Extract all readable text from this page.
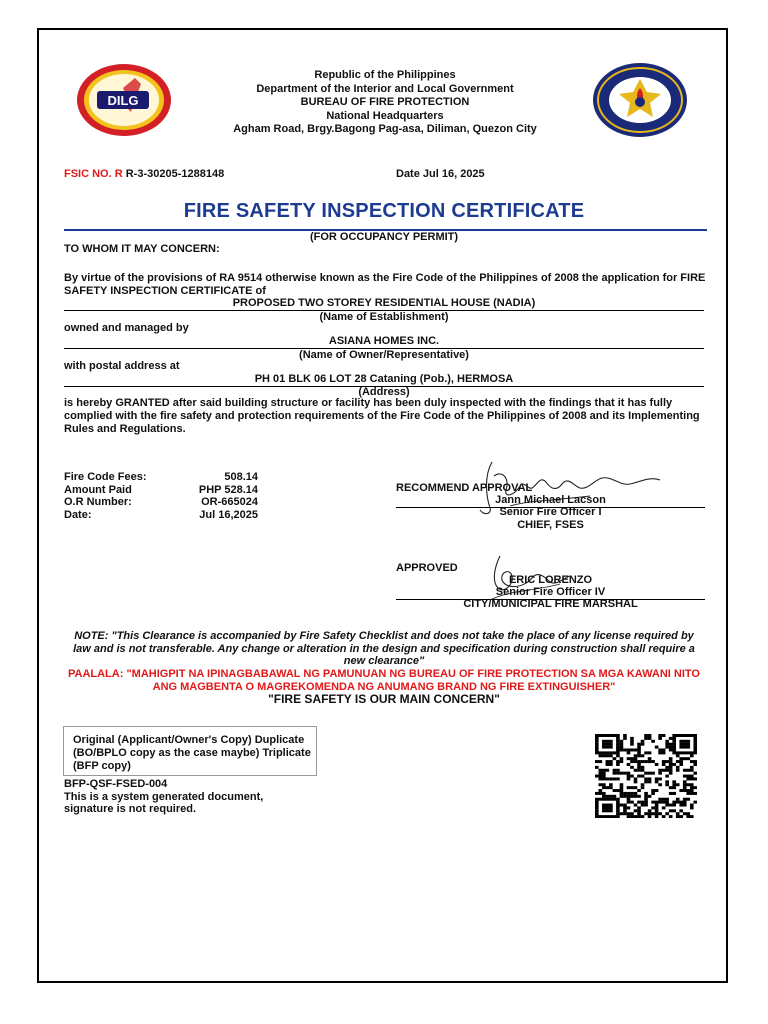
DILG
Republic of the Philippines
Department of the Interior and Local Government
BUREAU OF FIRE PROTECTION
National Headquarters
Agham Road, Brgy.Bagong Pag-asa, Diliman, Quezon City
FSIC NO. R R-3-30205-1288148	Date Jul 16, 2025
FIRE SAFETY INSPECTION CERTIFICATE
(FOR OCCUPANCY PERMIT)
TO WHOM IT MAY CONCERN:
By virtue of the provisions of RA 9514 otherwise known as the Fire Code of the Philippines of 2008 the application for FIRE SAFETY INSPECTION CERTIFICATE of
PROPOSED TWO STOREY RESIDENTIAL HOUSE (NADIA)
(Name of Establishment)
owned and managed by
ASIANA HOMES INC.
(Name of Owner/Representative)
with postal address at
PH 01 BLK 06 LOT 28 Cataning (Pob.), HERMOSA
(Address)
is hereby GRANTED after said building structure or facility has been duly inspected with the findings that it has fully complied with the fire safety and protection requirements of the Fire Code of the Philippines of 2008 and its Implementing Rules and Regulations.
Fire Code Fees:	508.14
Amount Paid	PHP 528.14
O.R Number:	OR-665024
Date:	Jul 16,2025
RECOMMEND APPROVAL
Jann Michael Lacson
Senior Fire Officer I
CHIEF, FSES
APPROVED
ERIC LORENZO
Senior Fire Officer IV
CITY/MUNICIPAL FIRE MARSHAL
NOTE: "This Clearance is accompanied by Fire Safety Checklist and does not take the place of any license required by law and is not transferable. Any change or alteration in the design and specification during construction shall require a new clearance"
PAALALA: "MAHIGPIT NA IPINAGBABAWAL NG PAMUNUAN NG BUREAU OF FIRE PROTECTION SA MGA KAWANI NITO ANG MAGBENTA O MAGREKOMENDA NG ANUMANG BRAND NG FIRE EXTINGUISHER"
"FIRE SAFETY IS OUR MAIN CONCERN"
Original (Applicant/Owner's Copy) Duplicate (BO/BPLO copy as the case maybe) Triplicate (BFP copy)
BFP-QSF-FSED-004
This is a system generated document, signature is not required.
